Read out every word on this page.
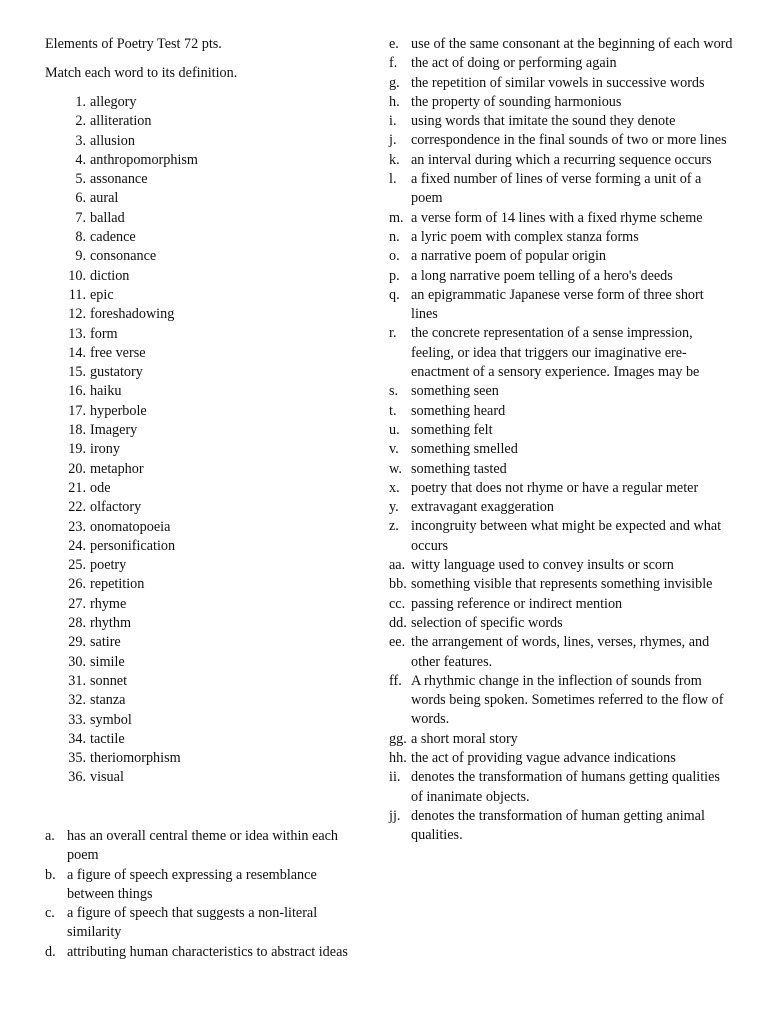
Elements of Poetry Test 72 pts.
Match each word to its definition.
1. allegory
2. alliteration
3. allusion
4. anthropomorphism
5. assonance
6. aural
7. ballad
8. cadence
9. consonance
10. diction
11. epic
12. foreshadowing
13. form
14. free verse
15. gustatory
16. haiku
17. hyperbole
18. Imagery
19. irony
20. metaphor
21. ode
22. olfactory
23. onomatopoeia
24. personification
25. poetry
26. repetition
27. rhyme
28. rhythm
29. satire
30. simile
31. sonnet
32. stanza
33. symbol
34. tactile
35. theriomorphism
36. visual
a. has an overall central theme or idea within each poem
b. a figure of speech expressing a resemblance between things
c. a figure of speech that suggests a non-literal similarity
d. attributing human characteristics to abstract ideas
e. use of the same consonant at the beginning of each word
f. the act of doing or performing again
g. the repetition of similar vowels in successive words
h. the property of sounding harmonious
i.	using words that imitate the sound they denote
j.	correspondence in the final sounds of two or more lines
k. an interval during which a recurring sequence occurs
l.	a fixed number of lines of verse forming a unit of a poem
m. a verse form of 14 lines with a fixed rhyme scheme
n. a lyric poem with complex stanza forms
o. a narrative poem of popular origin
p. a long narrative poem telling of a hero's deeds
q. an epigrammatic Japanese verse form of three short lines
r.	the concrete representation of a sense impression, feeling, or idea that triggers our imaginative ere-enactment of a sensory experience. Images may be
s. something seen
t.	something heard
u. something felt
v. something smelled
w. something tasted
x. poetry that does not rhyme or have a regular meter
y. extravagant exaggeration
z. incongruity between what might be expected and what occurs
aa. witty language used to convey insults or scorn
bb. something visible that represents something invisible
cc. passing reference or indirect mention
dd. selection of specific words
ee. the arrangement of words, lines, verses, rhymes, and other features.
ff. A rhythmic change in the inflection of sounds from words being spoken. Sometimes referred to the flow of words.
gg. a short moral story
hh. the act of providing vague advance indications
ii. denotes the transformation of humans getting qualities of inanimate objects.
jj. denotes the transformation of human getting animal qualities.
